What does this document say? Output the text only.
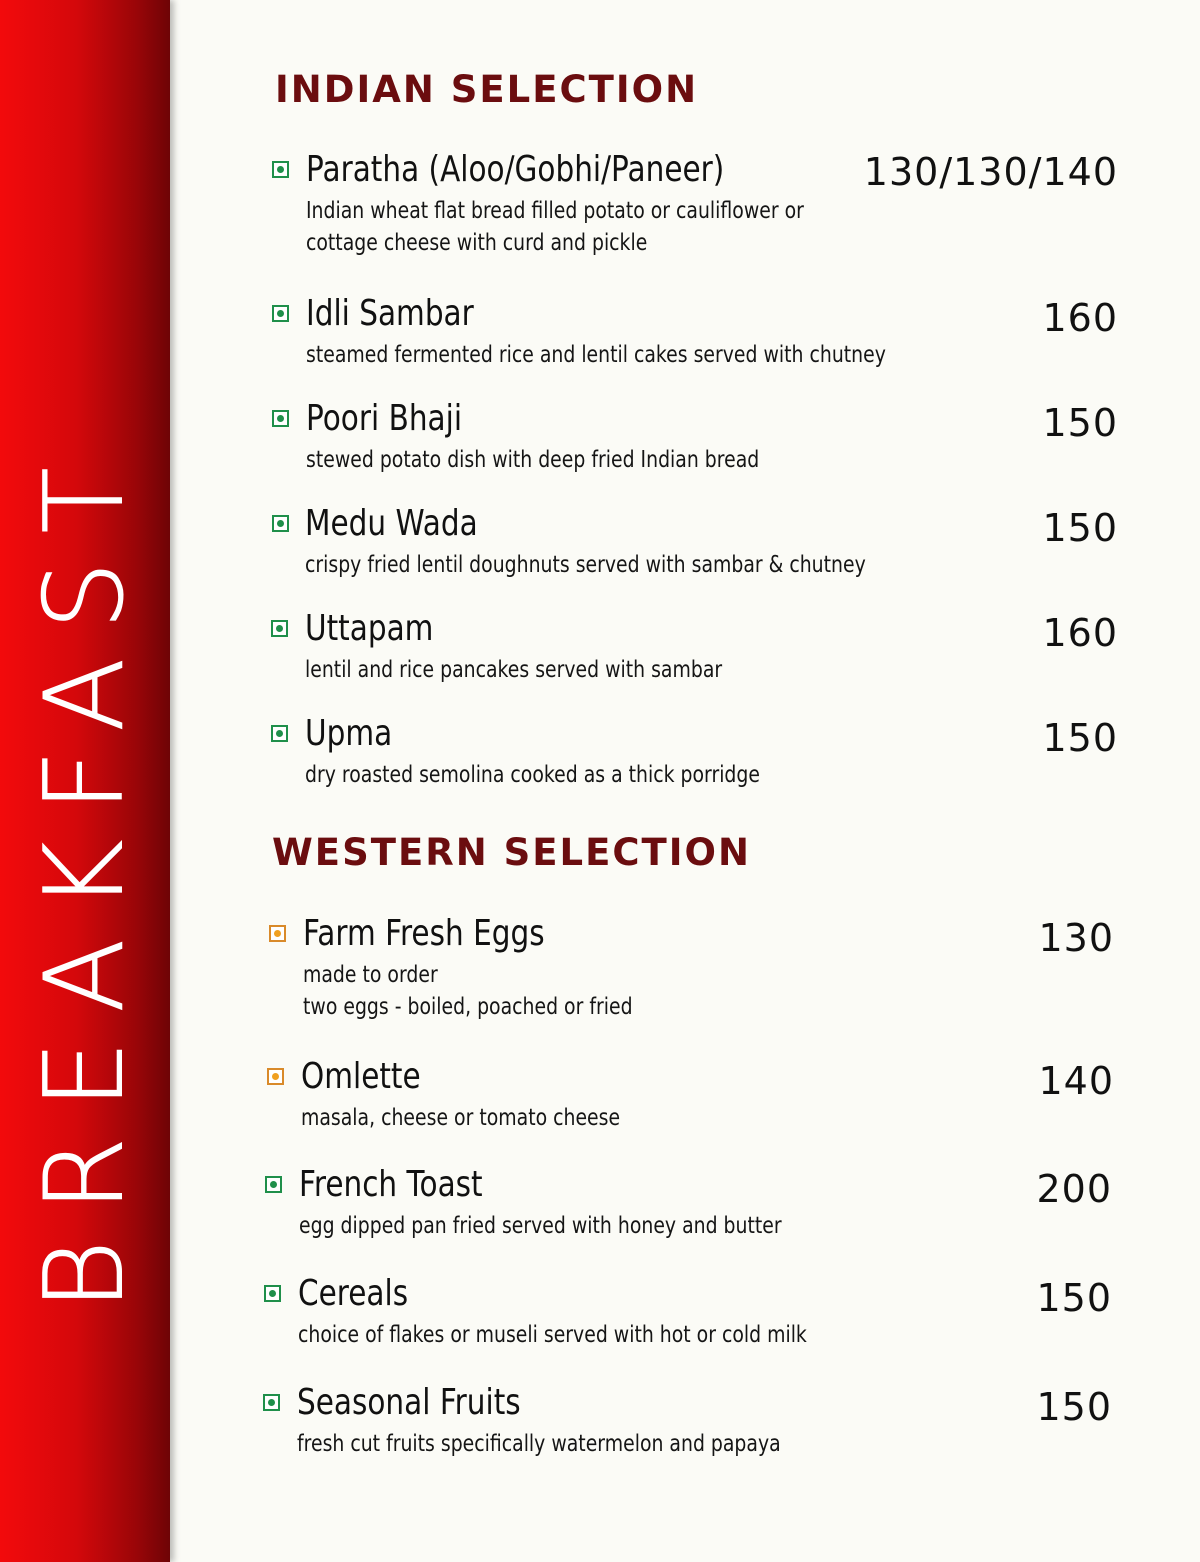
BREAKFAST
INDIAN SELECTION
Paratha (Aloo/Gobhi/Paneer)	130/130/140
Indian wheat flat bread filled potato or cauliflower or
cottage cheese with curd and pickle
Idli Sambar	160
steamed fermented rice and lentil cakes served with chutney
Poori Bhaji	150
stewed potato dish with deep fried Indian bread
Medu Wada	150
crispy fried lentil doughnuts served with sambar & chutney
Uttapam	160
lentil and rice pancakes served with sambar
Upma	150
dry roasted semolina cooked as a thick porridge
WESTERN SELECTION
Farm Fresh Eggs	130
made to order
two eggs - boiled, poached or fried
Omlette	140
masala, cheese or tomato cheese
French Toast	200
egg dipped pan fried served with honey and butter
Cereals	150
choice of flakes or museli served with hot or cold milk
Seasonal Fruits	150
fresh cut fruits specifically watermelon and papaya
